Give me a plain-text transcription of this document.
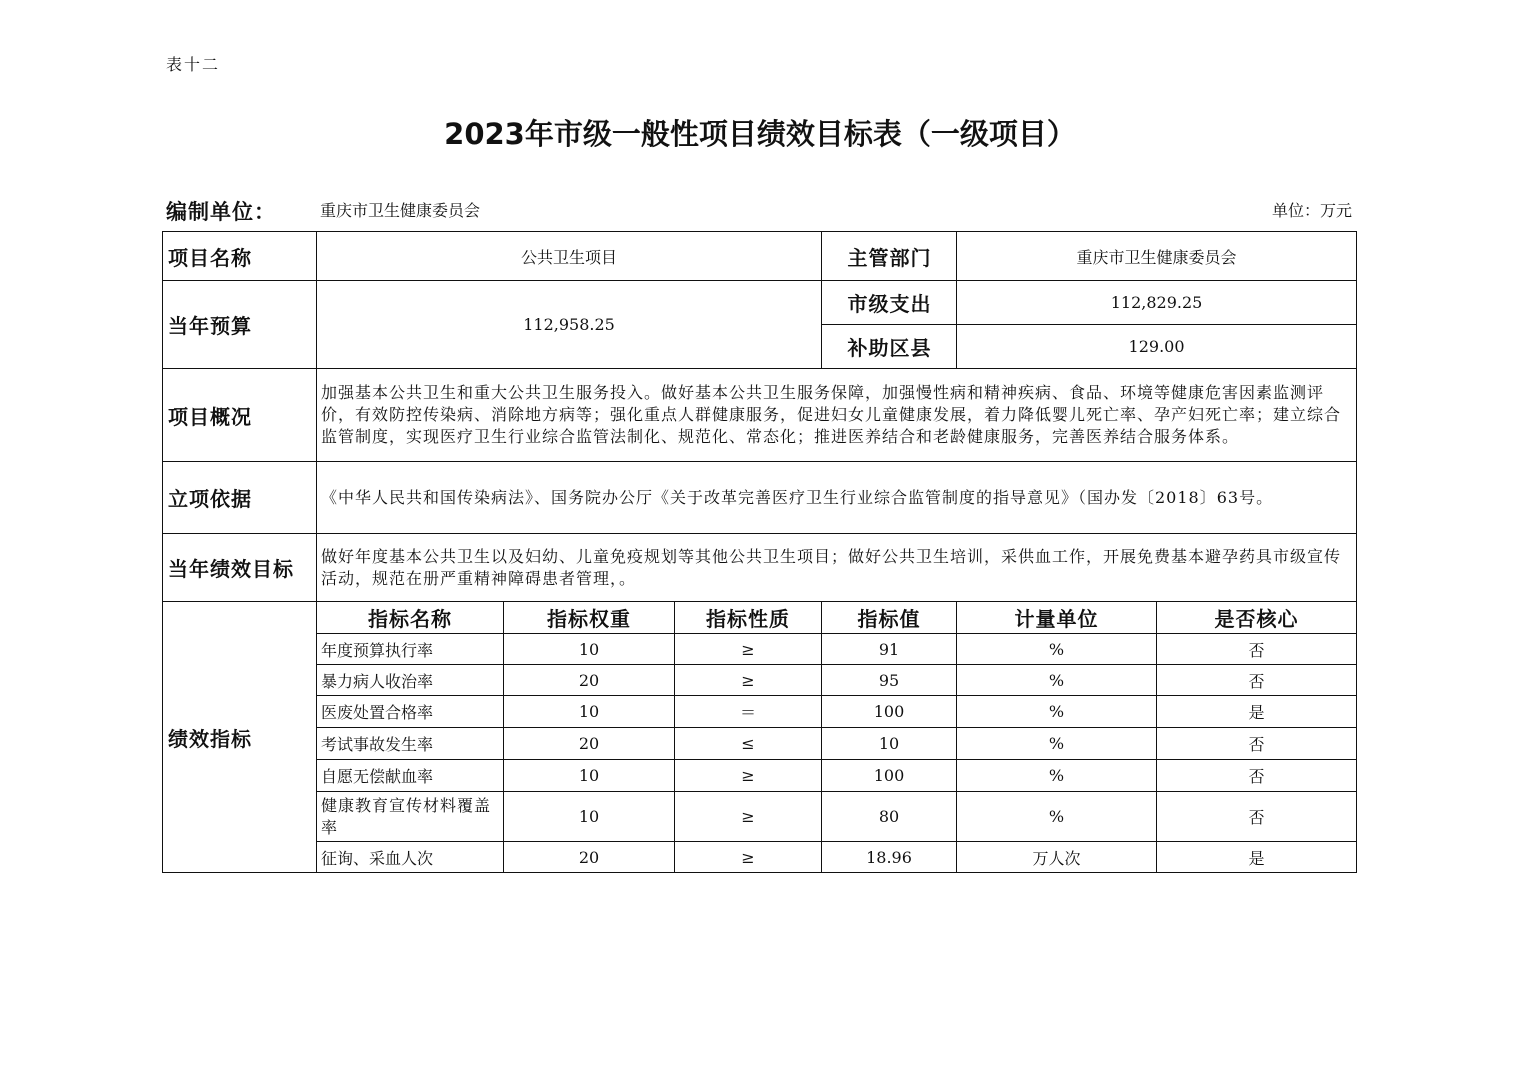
表十二
2023年市级一般性项目绩效目标表（一级项目）
编制单位：	重庆市卫生健康委员会	单位：万元
项目名称	公共卫生项目			主管部门	重庆市卫生健康委员会	
当年预算	112,958.25			市级支出	112,829.25	
				补助区县	129.00	
项目概况	加强基本公共卫生和重大公共卫生服务投入。做好基本公共卫生服务保障，加强慢性病和精神疾病、食品、环境等健康危害因素监测评价，有效防控传染病、消除地方病等；强化重点人群健康服务，促进妇女儿童健康发展，着力降低婴儿死亡率、孕产妇死亡率；建立综合监管制度，实现医疗卫生行业综合监管法制化、规范化、常态化；推进医养结合和老龄健康服务，完善医养结合服务体系。					
立项依据	《中华人民共和国传染病法》、国务院办公厅《关于改革完善医疗卫生行业综合监管制度的指导意见》（国办发〔2018〕63号。					
当年绩效目标	做好年度基本公共卫生以及妇幼、儿童免疫规划等其他公共卫生项目；做好公共卫生培训，采供血工作，开展免费基本避孕药具市级宣传活动，规范在册严重精神障碍患者管理，。					
绩效指标	指标名称	指标权重	指标性质	指标值	计量单位	是否核心
	年度预算执行率	10	≥	91	%	否
	暴力病人收治率	20	≥	95	%	否
	医废处置合格率	10	＝	100	%	是
	考试事故发生率	20	≤	10	%	否
	自愿无偿献血率	10	≥	100	%	否
	健康教育宣传材料覆盖率	10	≥	80	%	否
	征询、采血人次	20	≥	18.96	万人次	是
